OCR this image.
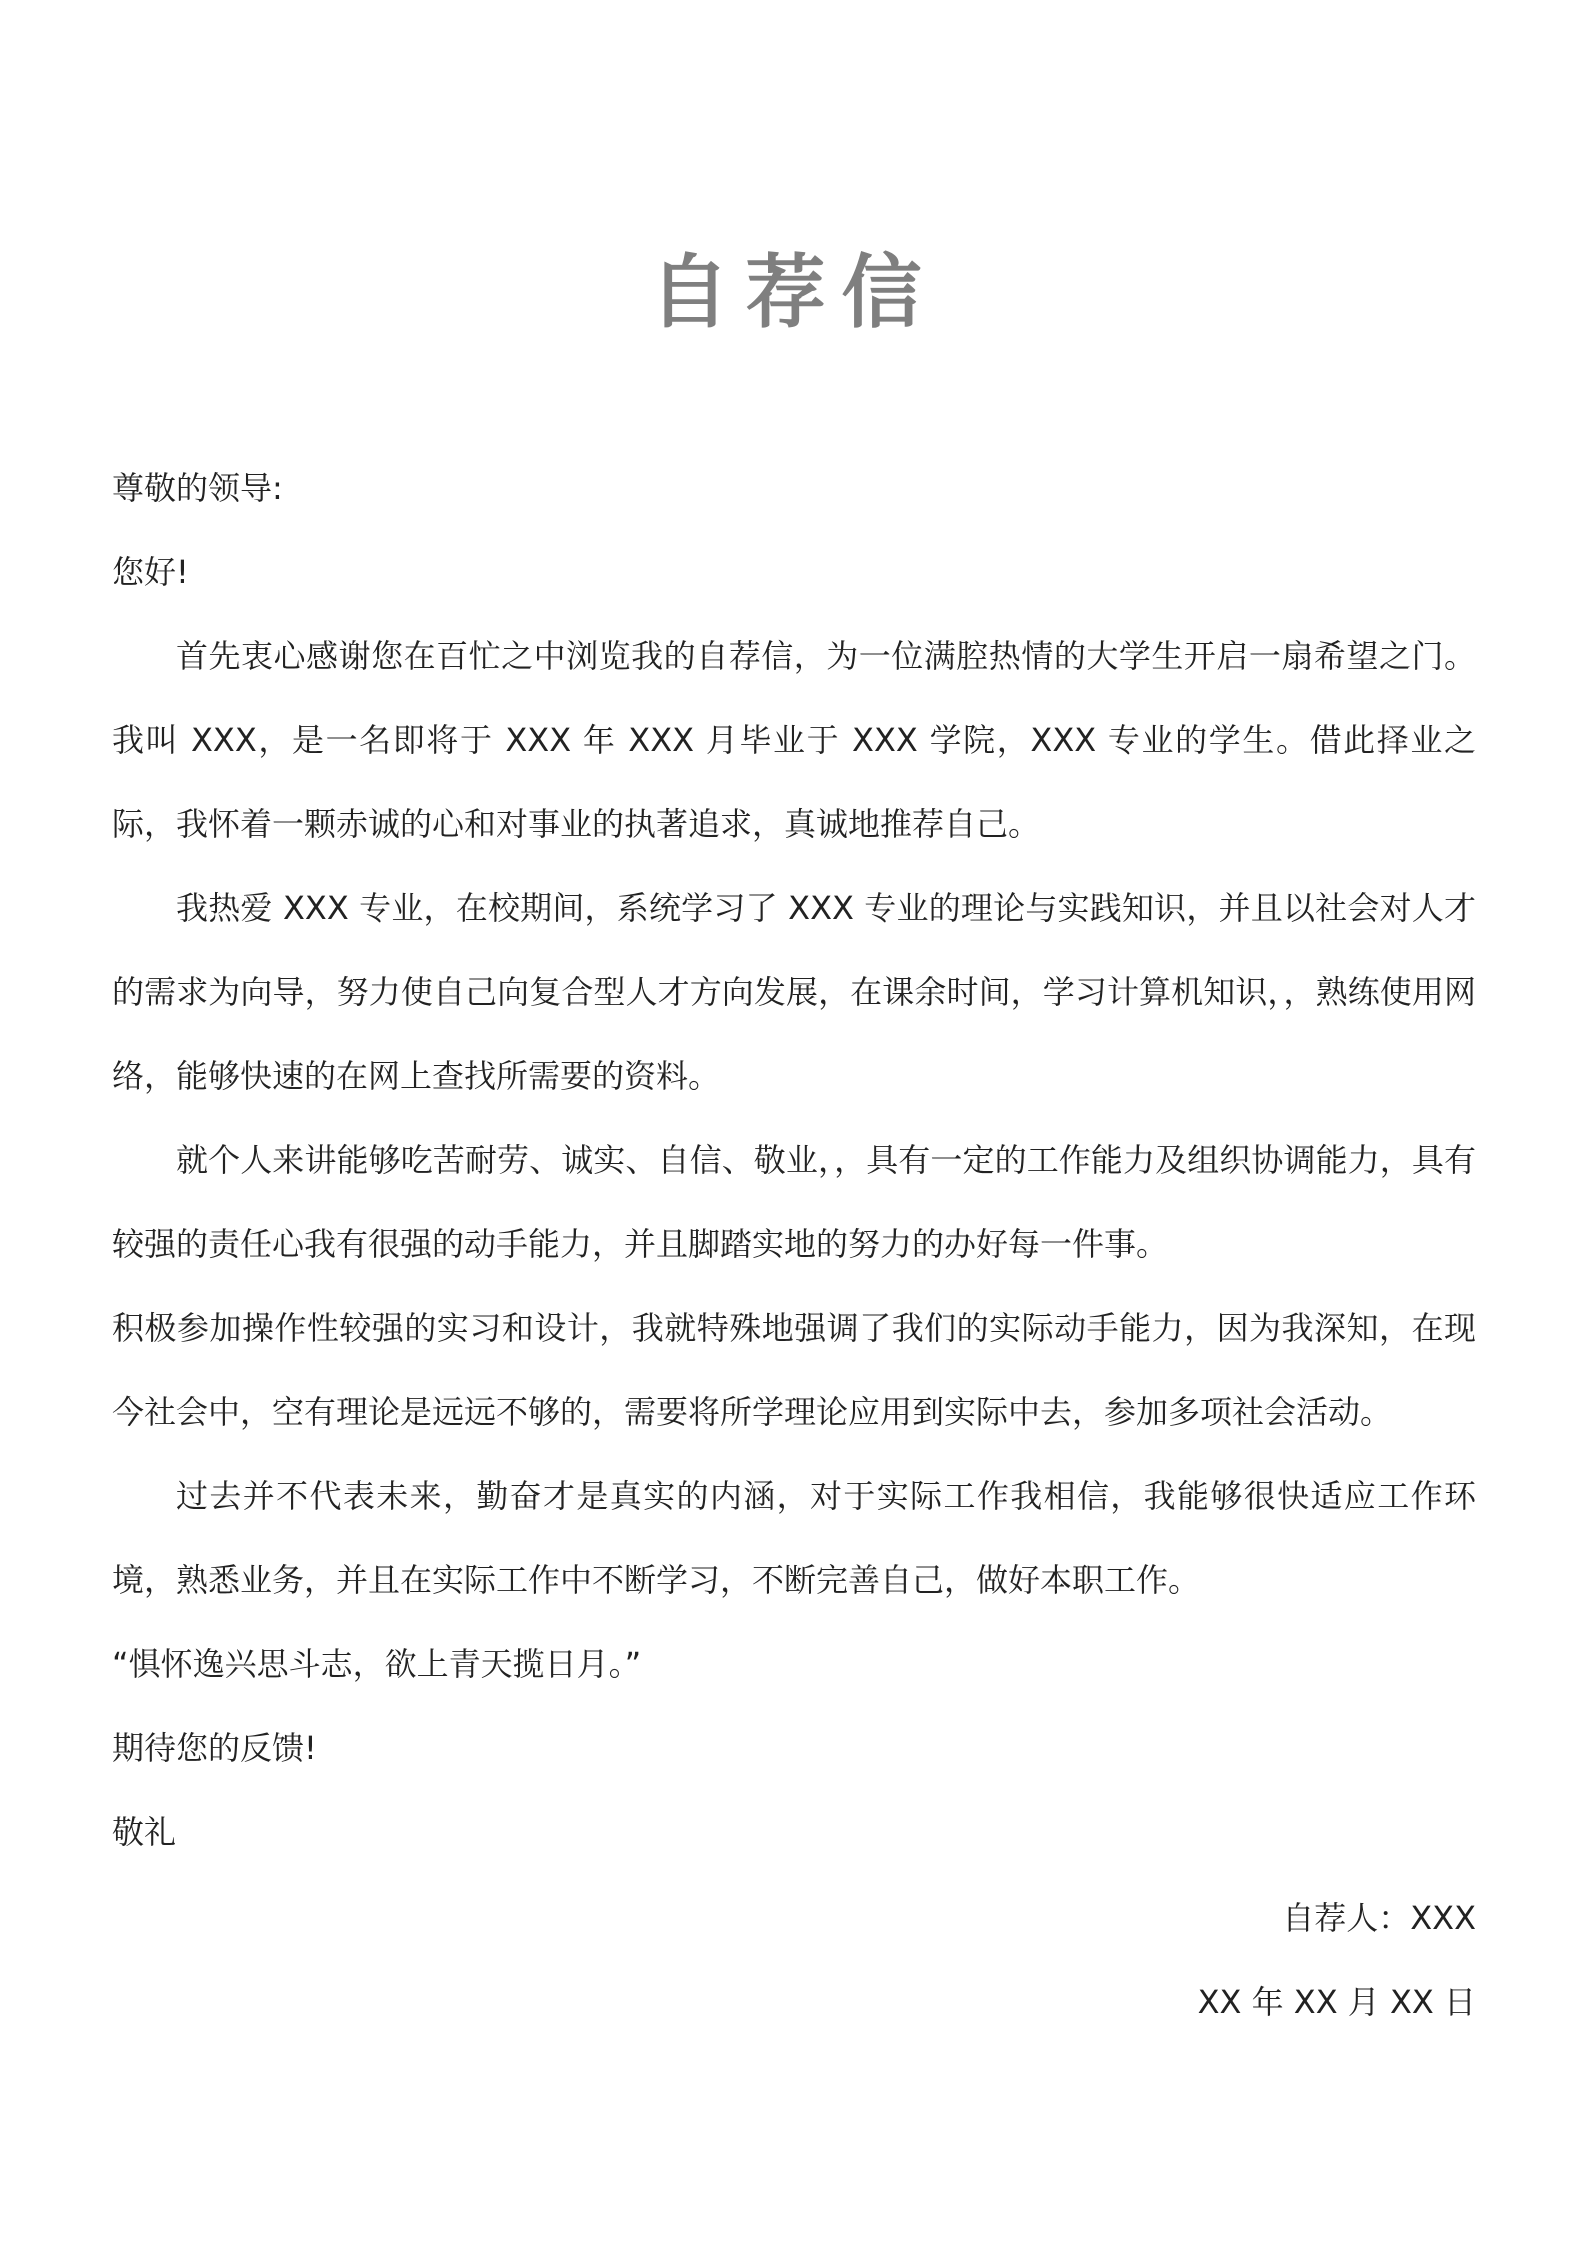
自荐信
尊敬的领导:
您好!
首先衷心感谢您在百忙之中浏览我的自荐信，为一位满腔热情的大学生开启一扇希望之门。我叫 XXX，是一名即将于 XXX 年 XXX 月毕业于 XXX 学院，XXX 专业的学生。借此择业之际，我怀着一颗赤诚的心和对事业的执著追求，真诚地推荐自己。
我热爱 XXX 专业，在校期间，系统学习了 XXX 专业的理论与实践知识，并且以社会对人才的需求为向导，努力使自己向复合型人才方向发展，在课余时间，学习计算机知识，，熟练使用网络，能够快速的在网上查找所需要的资料。
就个人来讲能够吃苦耐劳、诚实、自信、敬业，，具有一定的工作能力及组织协调能力，具有较强的责任心我有很强的动手能力，并且脚踏实地的努力的办好每一件事。
积极参加操作性较强的实习和设计，我就特殊地强调了我们的实际动手能力，因为我深知，在现今社会中，空有理论是远远不够的，需要将所学理论应用到实际中去，参加多项社会活动。
过去并不代表未来，勤奋才是真实的内涵，对于实际工作我相信，我能够很快适应工作环境，熟悉业务，并且在实际工作中不断学习，不断完善自己，做好本职工作。
“惧怀逸兴思斗志，欲上青天揽日月。”
期待您的反馈!
敬礼
自荐人：XXX
XX 年 XX 月 XX 日
